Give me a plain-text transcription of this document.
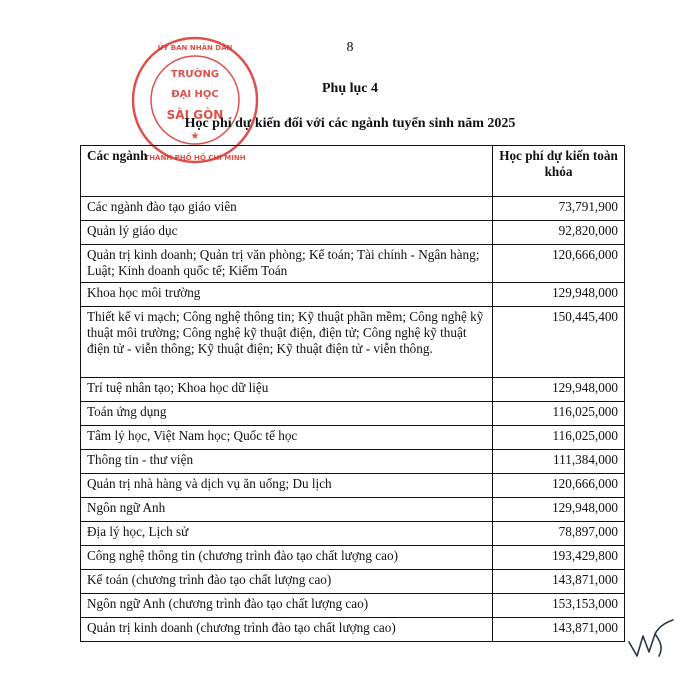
8
TRƯỜNG
ĐẠI HỌC
SÀI GÒN
★
ỦY BAN NHÂN DÂN
THÀNH PHỐ HỒ CHÍ MINH
Phụ lục 4
Học phí dự kiến đối với các ngành tuyển sinh năm 2025
Các ngành	Học phí dự kiến toàn khóa
Các ngành đào tạo giáo viên	73,791,900
Quản lý giáo dục	92,820,000
Quản trị kinh doanh; Quản trị văn phòng; Kế toán; Tài chính - Ngân hàng; Luật; Kinh doanh quốc tế; Kiểm Toán	120,666,000
Khoa học môi trường	129,948,000
Thiết kế vi mạch; Công nghệ thông tin; Kỹ thuật phần mềm; Công nghệ kỹ thuật môi trường; Công nghệ kỹ thuật điện, điện tử; Công nghệ kỹ thuật điện tử - viễn thông; Kỹ thuật điện; Kỹ thuật điện tử - viễn thông.	150,445,400
Trí tuệ nhân tạo; Khoa học dữ liệu	129,948,000
Toán ứng dụng	116,025,000
Tâm lý học, Việt Nam học; Quốc tế học	116,025,000
Thông tin - thư viện	111,384,000
Quản trị nhà hàng và dịch vụ ăn uống; Du lịch	120,666,000
Ngôn ngữ Anh	129,948,000
Địa lý học, Lịch sử	78,897,000
Công nghệ thông tin (chương trình đào tạo chất lượng cao)	193,429,800
Kế toán (chương trình đào tạo chất lượng cao)	143,871,000
Ngôn ngữ Anh (chương trình đào tạo chất lượng cao)	153,153,000
Quản trị kinh doanh (chương trình đào tạo chất lượng cao)	143,871,000
